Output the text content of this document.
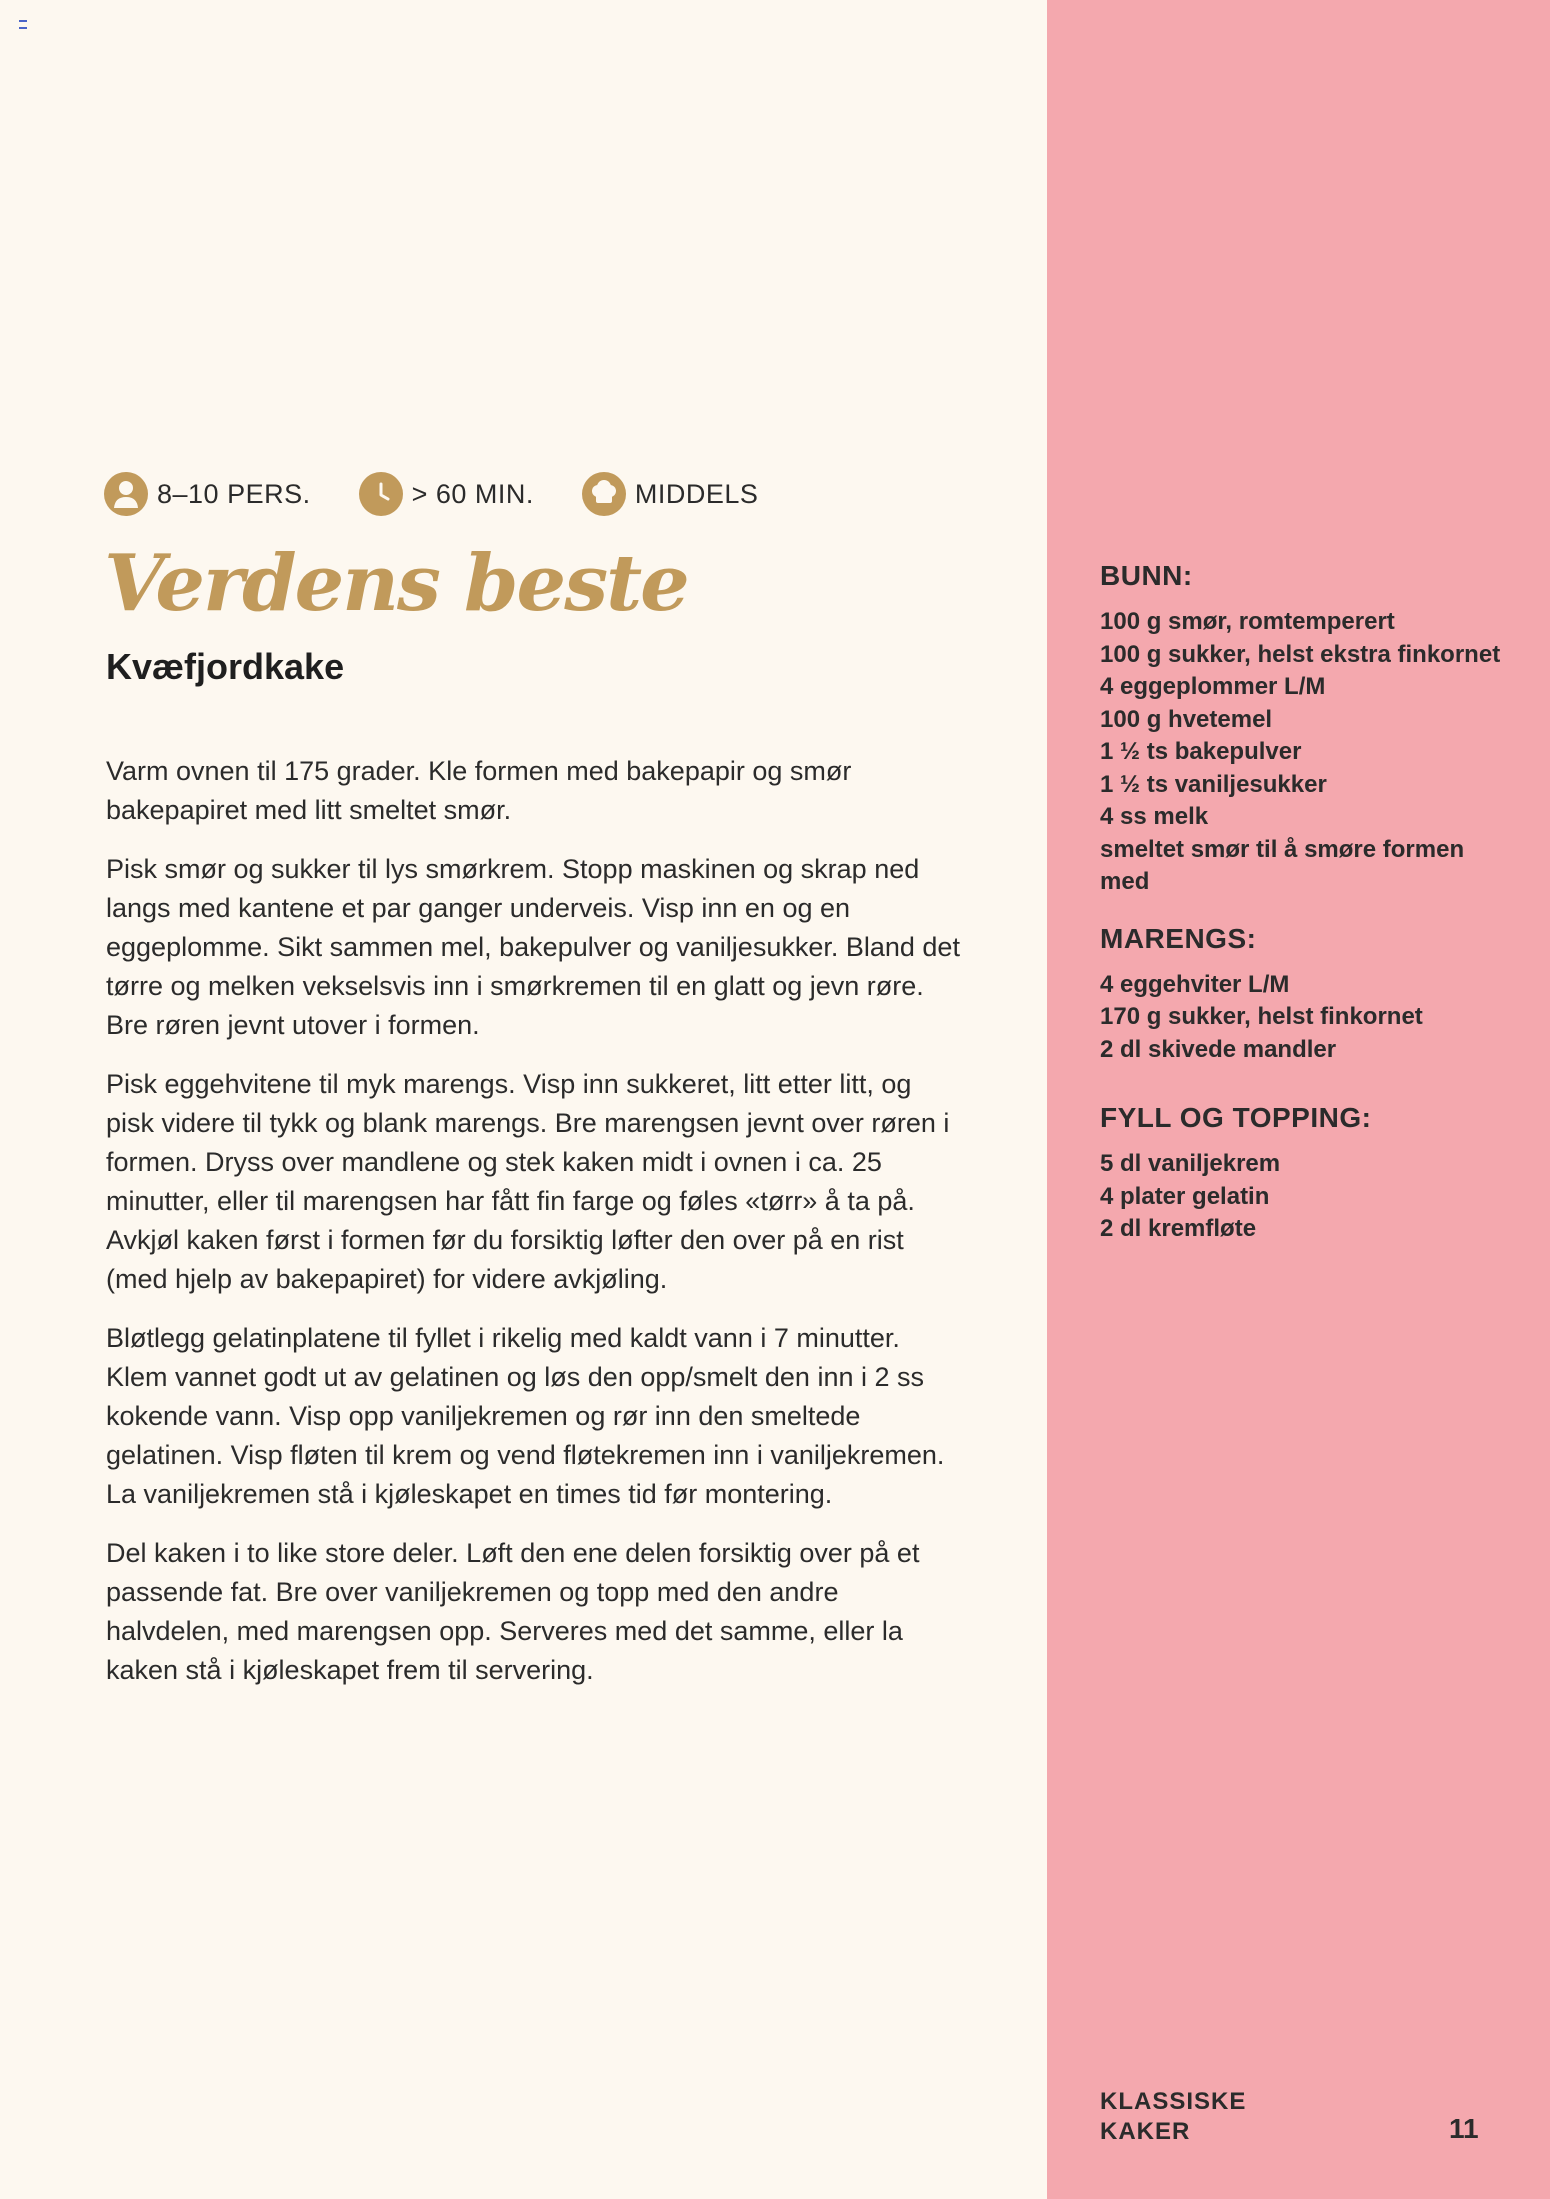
8–10 PERS.	> 60 MIN.	MIDDELS
Verdens beste
Kvæfjordkake

Varm ovnen til 175 grader. Kle formen med bakepapir og smør bakepapiret med litt smeltet smør.

Pisk smør og sukker til lys smørkrem. Stopp maskinen og skrap ned langs med kantene et par ganger underveis. Visp inn en og en eggeplomme. Sikt sammen mel, bakepulver og vaniljesukker. Bland det tørre og melken vekselsvis inn i smørkremen til en glatt og jevn røre. Bre røren jevnt utover i formen.

Pisk eggehvitene til myk marengs. Visp inn sukkeret, litt etter litt, og pisk videre til tykk og blank marengs. Bre marengsen jevnt over røren i formen. Dryss over mandlene og stek kaken midt i ovnen i ca. 25 minutter, eller til marengsen har fått fin farge og føles «tørr» å ta på. Avkjøl kaken først i formen før du forsiktig løfter den over på en rist (med hjelp av bakepapiret) for videre avkjøling.

Bløtlegg gelatinplatene til fyllet i rikelig med kaldt vann i 7 minutter. Klem vannet godt ut av gelatinen og løs den opp/smelt den inn i 2 ss kokende vann. Visp opp vaniljekremen og rør inn den smeltede gelatinen. Visp fløten til krem og vend fløtekremen inn i vaniljekremen. La vaniljekremen stå i kjøleskapet en times tid før montering.

Del kaken i to like store deler. Løft den ene delen forsiktig over på et passende fat. Bre over vaniljekremen og topp med den andre halvdelen, med marengsen opp. Serveres med det samme, eller la kaken stå i kjøleskapet frem til servering.

BUNN:
100 g smør, romtemperert
100 g sukker, helst ekstra finkornet
4 eggeplommer L/M
100 g hvetemel
1 ½ ts bakepulver
1 ½ ts vaniljesukker
4 ss melk
smeltet smør til å smøre formen med
MARENGS:
4 eggehviter L/M
170 g sukker, helst finkornet
2 dl skivede mandler
FYLL OG TOPPING:
5 dl vaniljekrem
4 plater gelatin
2 dl kremfløte
KLASSISKE
KAKER	11
